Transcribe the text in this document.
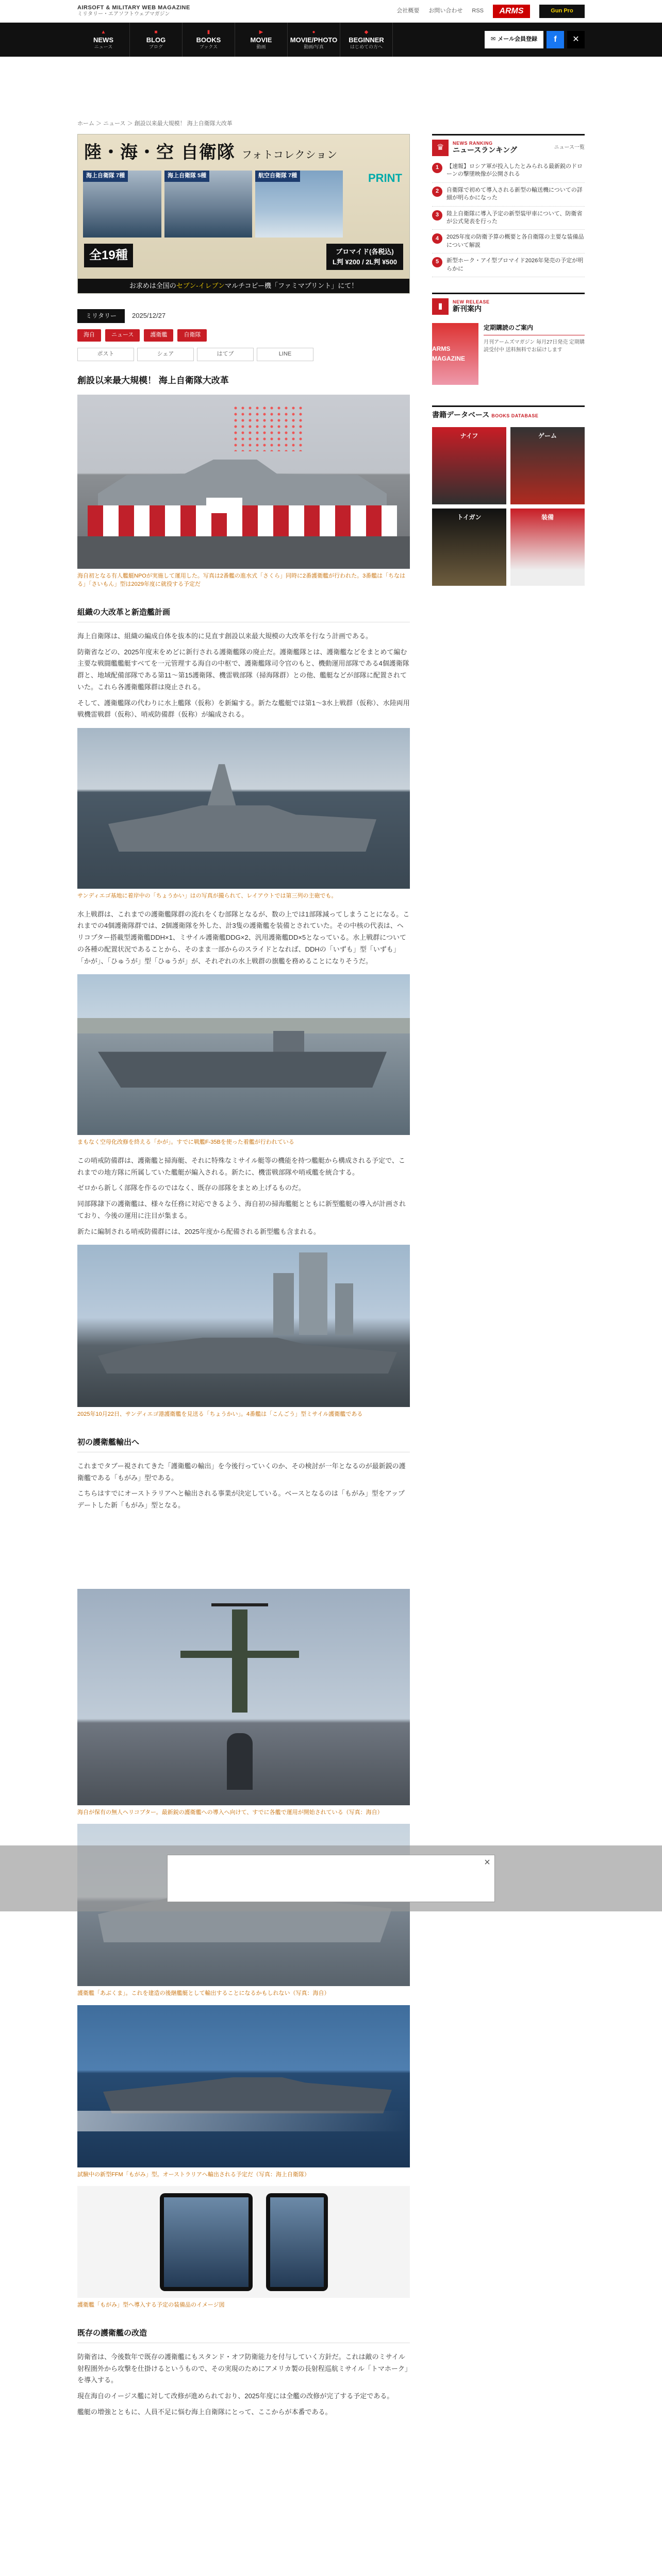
AIRSOFT & MILITARY WEB MAGAZINE
ミリタリー・エアソフトウェブマガジン
会社概要 お問い合わせ RSS	ARMS	Gun Pro
▲
NEWS
ニュース
■
BLOG
ブログ
▮
BOOKS
ブックス
▶
MOVIE
動画
●
MOVIE/PHOTO
動画/写真
◆
BEGINNER
はじめての方へ
✉ メール会員登録	f	✕
ホーム ＞ ニュース ＞ 創設以来最大規模！ 海上自衛隊大改革
陸・海・空 自衛隊 フォトコレクション
PRINT
海上自衛隊 7種	海上自衛隊 5種	航空自衛隊 7種
全19種	ブロマイド(各税込)
L判 ¥200 / 2L判 ¥500
お求めは全国のセブン-イレブンマルチコピー機「ファミマプリント」にて！
ミリタリー	2025/12/27
海自	ニュース	護衛艦	自衛隊
ポスト	シェア	はてブ	LINE
創設以来最大規模！ 海上自衛隊大改革
海自初となる有人艦艇NPOが実施して運用した。写真は2番艦の進水式「さくら」同時に2番護衛艦が行われた。3番艦は「ちなはる」「さいもん」型は2029年度に就役する予定だ
組織の大改革と新造艦計画

海上自衛隊は、組織の編成自体を抜本的に見直す創設以来最大規模の大改革を行なう計画である。

防衛省などの、2025年度末をめどに新行される護衛艦隊の廃止だ。護衛艦隊とは、護衛艦などをまとめて編む主要な戦闘艦艦艇すべてを一元管理する海自の中枢で、護衛艦隊司令官のもと、機動運用部隊である4個護衛隊群と、地域配備部隊である第11〜第15護衛隊、機雷戦部隊（掃海隊群）との他、艦艇などが部隊に配置されていた。これら各護衛艦隊群は廃止される。

そして、護衛艦隊の代わりに水上艦隊（仮称）を新編する。新たな艦艇では第1〜3水上戦群（仮称）、水陸両用戦機雷戦群（仮称）、哨戒防備群（仮称）が編成される。

サンディエゴ基地に着岸中の「ちょうかい」はの写真が撮られて、レイアウトでは第三列の主砲でも。

水上戦群は、これまでの護衛艦隊群の流れをくむ部隊となるが、数の上では1部隊減ってしまうことになる。これまでの4個護衛隊群では、2個護衛隊を外した、計3隻の護衛艦を装備とされていた。その中核の代表は、ヘリコプター搭載型護衛艦DDH×1、ミサイル護衛艦DDG×2、汎用護衛艦DD×5となっている。水上戦群についての各種の配置状況であることから、そのまま一部からのスライドとなれば、DDHの「いずも」型「いずも」「かが」、「ひゅうが」型「ひゅうが」が、それぞれの水上戦群の旗艦を務めることになりそうだ。

まもなく空母化改修を終える「かが」。すでに戦艦F-35Bを使った着艦が行われている

この哨戒防備群は、護衛艦と掃海艇、それに特殊なミサイル艇等の機能を持つ艦艇から構成される予定で、これまでの地方隊に所属していた艦艇が編入される。新たに、機雷戦部隊や哨戒艦を統合する。

ゼロから新しく部隊を作るのではなく、既存の部隊をまとめ上げるものだ。

同部隊隷下の護衛艦は、様々な任務に対応できるよう、海自初の掃海艦艇とともに新型艦艇の導入が計画されており、今後の運用に注目が集まる。

新たに編制される哨戒防備群には、2025年度から配備される新型艦も含まれる。

2025年10月22日、サンディエゴ港護衛艦を見送る「ちょうかい」。4番艦は「こんごう」型ミサイル護衛艦である
初の護衛艦輸出へ

これまでタブー視されてきた「護衛艦の輸出」を今後行っていくのか、その検討が一年となるのが最新鋭の護衛艦である「もがみ」型である。

こちらはすでにオーストラリアへと輸出される事業が決定している。ベースとなるのは「もがみ」型をアップデートした新「もがみ」型となる。

海自が保有の無人ヘリコプター。最新鋭の護衛艦への導入へ向けて、すでに各艦で運用が開始されている（写真：海自）
護衛艦「あぶくま」。これを建造の後継艦艇として輸出することになるかもしれない（写真：海自）
試験中の新型FFM「もがみ」型。オーストラリアへ輸出される予定だ（写真：海上自衛隊）
護衛艦「もがみ」型へ導入する予定の装備品のイメージ図
既存の護衛艦の改造

防衛省は、今後数年で既存の護衛艦にもスタンド・オフ防衛能力を付与していく方針だ。これは敵のミサイル射程圏外から攻撃を仕掛けるというもので、その実現のためにアメリカ製の長射程巡航ミサイル「トマホーク」を導入する。

現在海自のイージス艦に対して改修が進められており、2025年度には全艦の改修が完了する予定である。

艦艇の増強とともに、人員不足に悩む海上自衛隊にとって、ここからが本番である。

♛	NEWS RANKING
ニュースランキング	ニュース一覧
1	【速報】ロシア軍が投入したとみられる最新鋭のドローンの撃墜映像が公開される
2	自衛隊で初めて導入される新型の輸送機についての詳細が明らかになった
3	陸上自衛隊に導入予定の新型装甲車について、防衛省が公式発表を行った
4	2025年度の防衛予算の概要と各自衛隊の主要な装備品について解説
5	新型ホーク・アイ型ブロマイド2026年発売の予定が明らかに
▮	NEW RELEASE
新刊案内
ARMS MAGAZINE
定期購読のご案内
月刊アームズマガジン 毎月27日発売 定期購読受付中 送料無料でお届けします
書籍データベース BOOKS DATABASE
ナイフ	ゲーム
トイガン	装備
×
